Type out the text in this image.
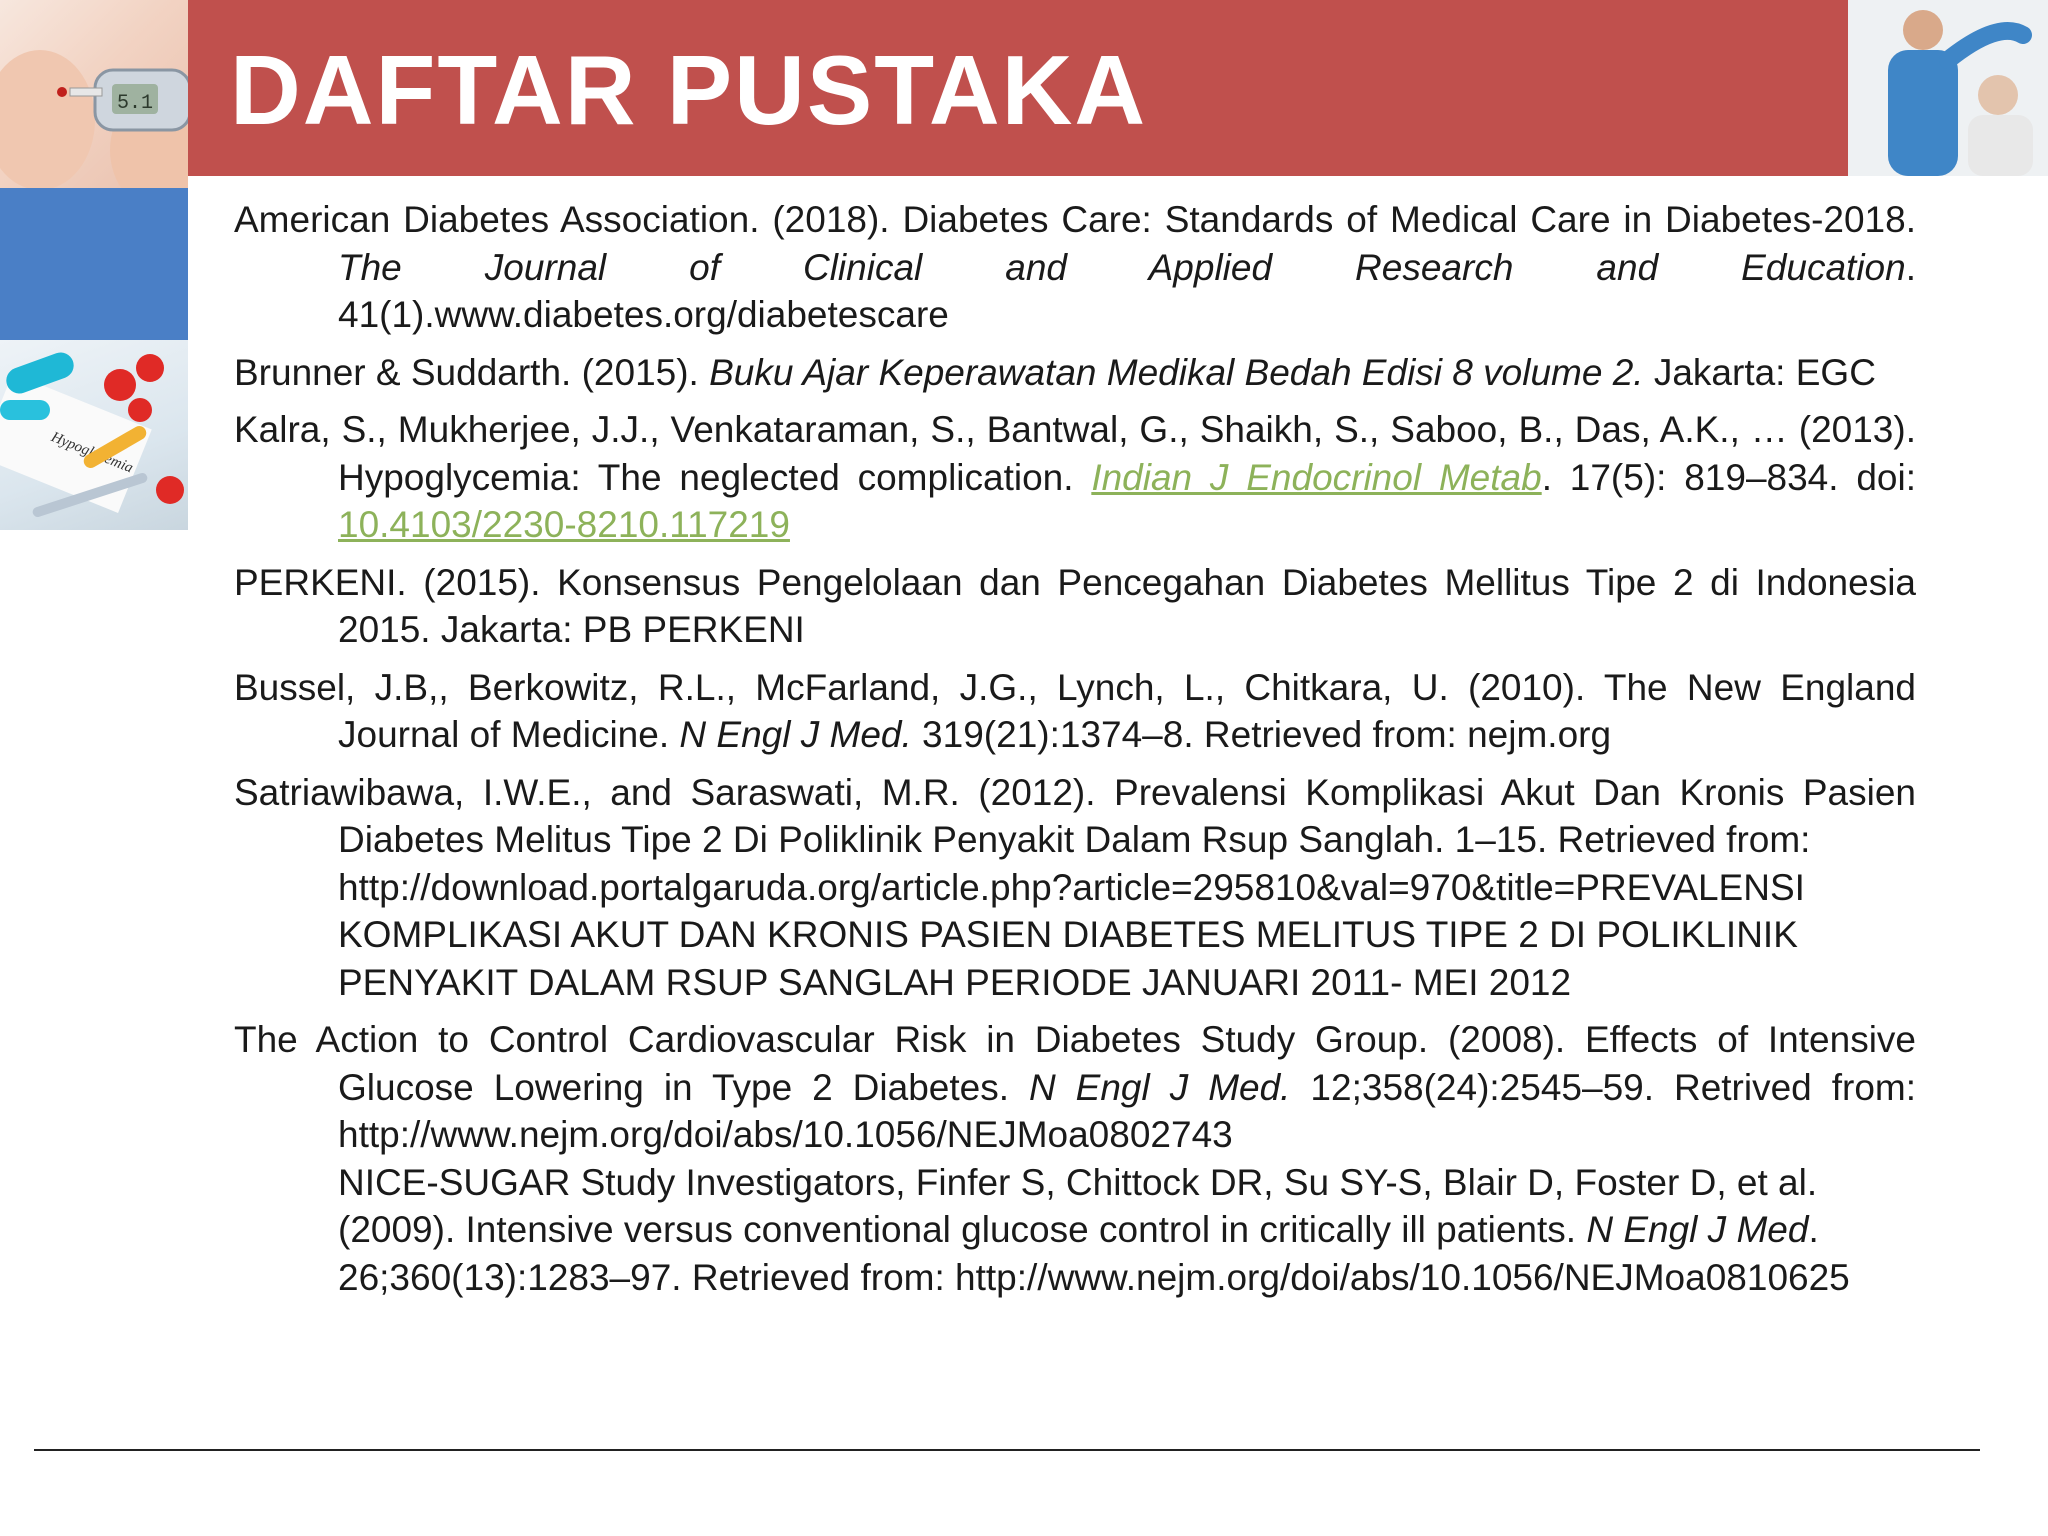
5.1 DAFTAR PUSTAKA

American Diabetes Association. (2018). Diabetes Care: Standards of Medical Care in Diabetes-2018. The Journal of Clinical and Applied Research and Education. 41(1).www.diabetes.org/diabetescare

Brunner & Suddarth. (2015). Buku Ajar Keperawatan Medikal Bedah Edisi 8 volume 2. Jakarta: EGC

Kalra, S., Mukherjee, J.J., Venkataraman, S., Bantwal, G., Shaikh, S., Saboo, B., Das, A.K., … (2013). Hypoglycemia: The neglected complication. Indian J Endocrinol Metab. 17(5): 819–834. doi: 10.4103/2230-8210.117219

PERKENI. (2015). Konsensus Pengelolaan dan Pencegahan Diabetes Mellitus Tipe 2 di Indonesia 2015. Jakarta: PB PERKENI

Bussel, J.B,, Berkowitz, R.L., McFarland, J.G., Lynch, L., Chitkara, U. (2010). The New England Journal of Medicine. N Engl J Med. 319(21):1374–8. Retrieved from: nejm.org

Satriawibawa, I.W.E., and Saraswati, M.R. (2012). Prevalensi Komplikasi Akut Dan Kronis Pasien Diabetes Melitus Tipe 2 Di Poliklinik Penyakit Dalam Rsup Sanglah. 1–15. Retrieved from:

http://download.portalgaruda.org/article.php?article=295810&val=970&title=PREVALENSI KOMPLIKASI AKUT DAN KRONIS PASIEN DIABETES MELITUS TIPE 2 DI POLIKLINIK PENYAKIT DALAM RSUP SANGLAH PERIODE JANUARI 2011- MEI 2012

The Action to Control Cardiovascular Risk in Diabetes Study Group. (2008). Effects of Intensive Glucose Lowering in Type 2 Diabetes. N Engl J Med. 12;358(24):2545–59. Retrived from: http://www.nejm.org/doi/abs/10.1056/NEJMoa0802743

NICE-SUGAR Study Investigators, Finfer S, Chittock DR, Su SY-S, Blair D, Foster D, et al. (2009). Intensive versus conventional glucose control in critically ill patients. N Engl J Med. 26;360(13):1283–97. Retrieved from: http://www.nejm.org/doi/abs/10.1056/NEJMoa0810625
